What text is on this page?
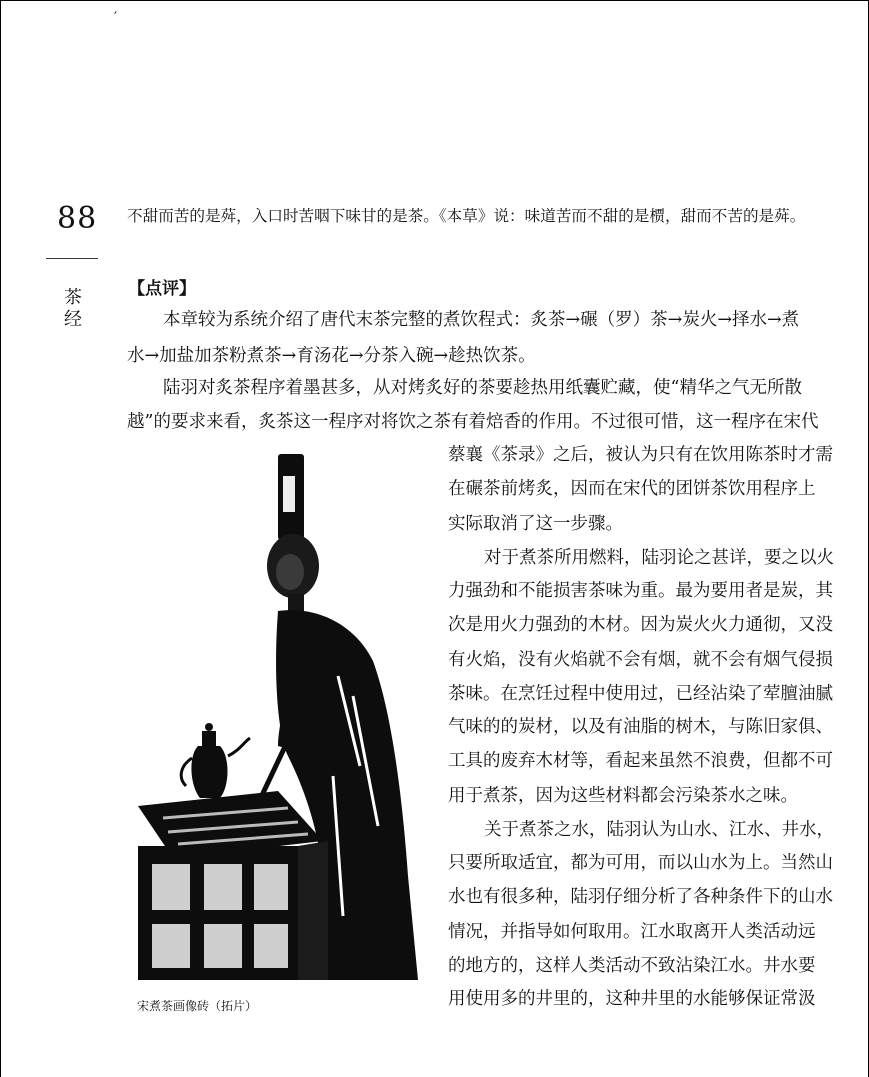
′
88
茶
经
不甜而苦的是荈，入口时苦咽下味甘的是茶。《本草》说：味道苦而不甜的是槚，甜而不苦的是荈。
【点评】
本章较为系统介绍了唐代末茶完整的煮饮程式：炙茶→碾（罗）茶→炭火→择水→煮
水→加盐加茶粉煮茶→育汤花→分茶入碗→趁热饮茶。
陆羽对炙茶程序着墨甚多，从对烤炙好的茶要趁热用纸囊贮藏，使“精华之气无所散
越”的要求来看，炙茶这一程序对将饮之茶有着焙香的作用。不过很可惜，这一程序在宋代
蔡襄《茶录》之后，被认为只有在饮用陈茶时才需
在碾茶前烤炙，因而在宋代的团饼茶饮用程序上
实际取消了这一步骤。
对于煮茶所用燃料，陆羽论之甚详，要之以火
力强劲和不能损害茶味为重。最为要用者是炭，其
次是用火力强劲的木材。因为炭火火力通彻，又没
有火焰，没有火焰就不会有烟，就不会有烟气侵损
茶味。在烹饪过程中使用过，已经沾染了荤膻油腻
气味的的炭材，以及有油脂的树木，与陈旧家俱、
工具的废弃木材等，看起来虽然不浪费，但都不可
用于煮茶，因为这些材料都会污染茶水之味。
关于煮茶之水，陆羽认为山水、江水、井水，
只要所取适宜，都为可用，而以山水为上。当然山
水也有很多种，陆羽仔细分析了各种条件下的山水
情况，并指导如何取用。江水取离开人类活动远
的地方的，这样人类活动不致沾染江水。井水要
用使用多的井里的，这种井里的水能够保证常汲
宋煮茶画像砖（拓片）
